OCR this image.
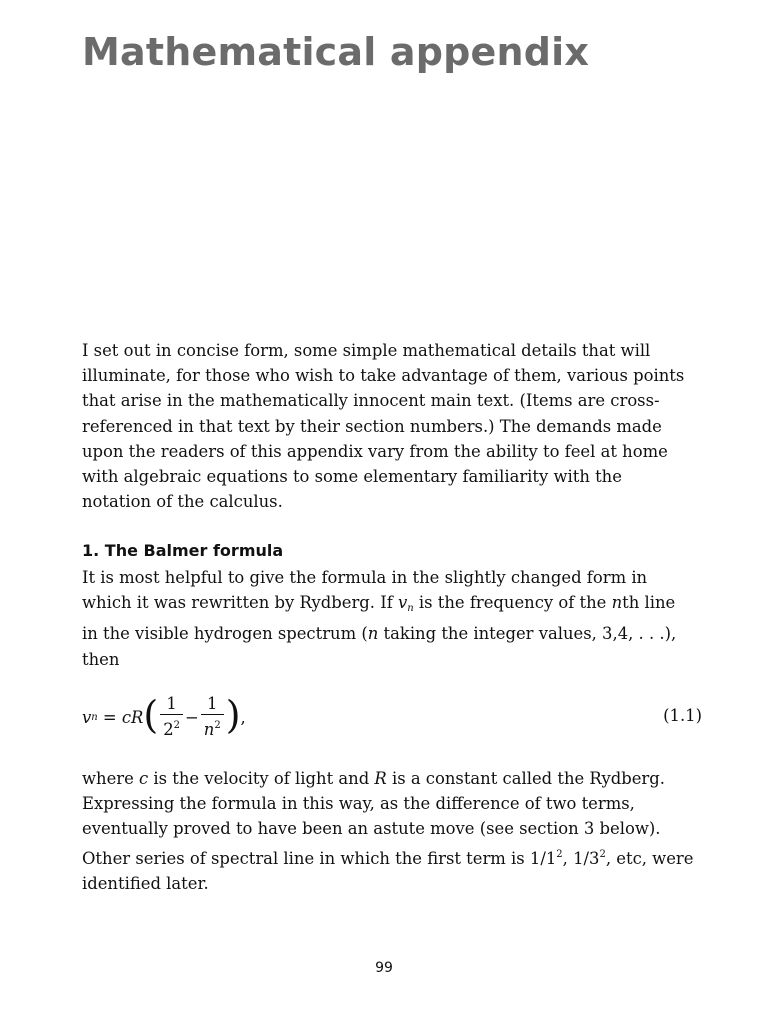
Mathematical appendix

I set out in concise form, some simple mathematical details that will

illuminate, for those who wish to take advantage of them, various points

that arise in the mathematically innocent main text. (Items are cross-

referenced in that text by their section numbers.) The demands made

upon the readers of this appendix vary from the ability to feel at home

with algebraic equations to some elementary familiarity with the

notation of the calculus.

1. The Balmer formula

It is most helpful to give the formula in the slightly changed form in

which it was rewritten by Rydberg. If $v_n$ is the frequency of the nth line

in the visible hydrogen spectrum (n taking the integer values, 3,4, . . .),

then

v n = cR ( $\frac{1}{2^2} - \frac{1}{n^2}$ ) ,	(1.1)

where c is the velocity of light and R is a constant called the Rydberg.

Expressing the formula in this way, as the difference of two terms,

eventually proved to have been an astute move (see section 3 below).

Other series of spectral line in which the first term is $1/1^2$, $1/3^2$, etc, were

identified later.

99
